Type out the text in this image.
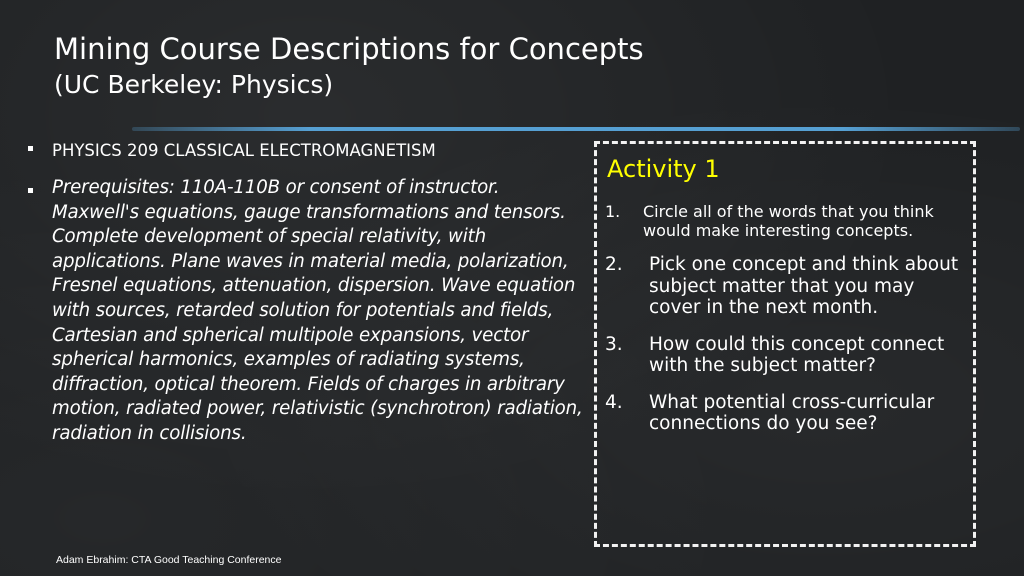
Mining Course Descriptions for Concepts
(UC Berkeley: Physics)
PHYSICS 209 CLASSICAL ELECTROMAGNETISM
Prerequisites: 110A-110B or consent of instructor. Maxwell's equations, gauge transformations and tensors. Complete development of special relativity, with applications. Plane waves in material media, polarization, Fresnel equations, attenuation, dispersion. Wave equation with sources, retarded solution for potentials and fields, Cartesian and spherical multipole expansions, vector spherical harmonics, examples of radiating systems, diffraction, optical theorem. Fields of charges in arbitrary motion, radiated power, relativistic (synchrotron) radiation, radiation in collisions.
Activity 1
1. Circle all of the words that you think would make interesting concepts.
2. Pick one concept and think about subject matter that you may cover in the next month.
3. How could this concept connect with the subject matter?
4. What potential cross-curricular connections do you see?
Adam Ebrahim: CTA Good Teaching Conference
